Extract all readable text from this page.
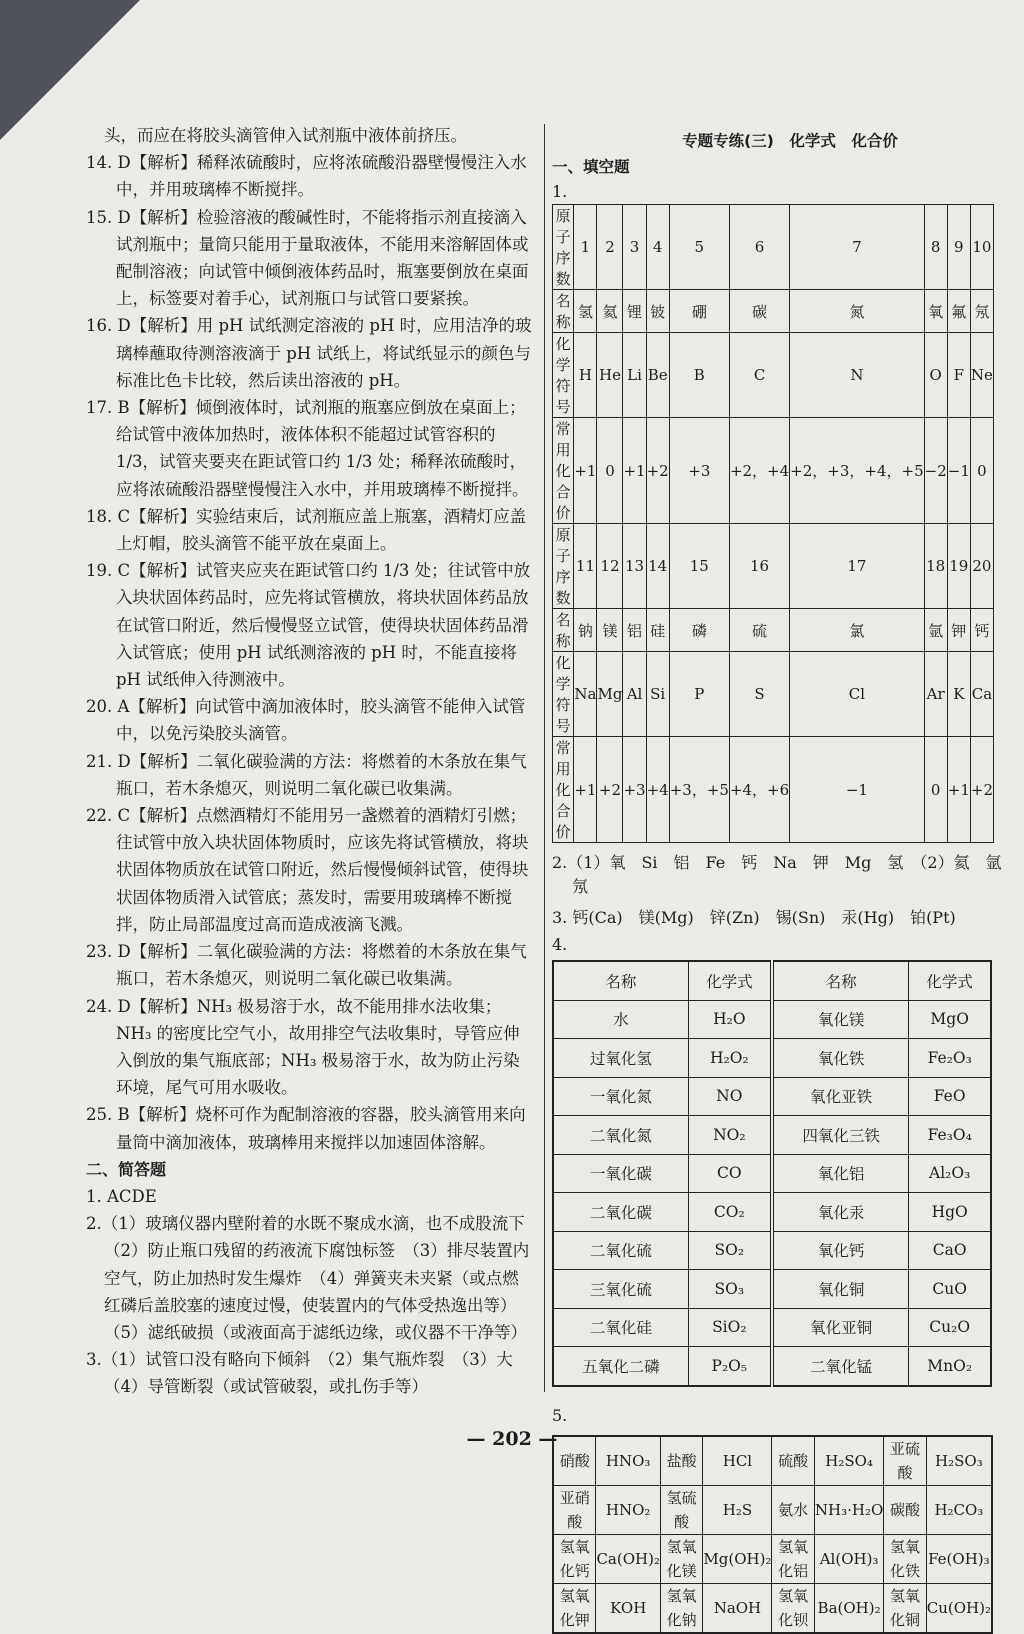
头，而应在将胶头滴管伸入试剂瓶中液体前挤压。

14. D【解析】稀释浓硫酸时，应将浓硫酸沿器壁慢慢注入水中，并用玻璃棒不断搅拌。

15. D【解析】检验溶液的酸碱性时，不能将指示剂直接滴入试剂瓶中；量筒只能用于量取液体，不能用来溶解固体或配制溶液；向试管中倾倒液体药品时，瓶塞要倒放在桌面上，标签要对着手心，试剂瓶口与试管口要紧挨。

16. D【解析】用 pH 试纸测定溶液的 pH 时，应用洁净的玻璃棒蘸取待测溶液滴于 pH 试纸上，将试纸显示的颜色与标准比色卡比较，然后读出溶液的 pH。

17. B【解析】倾倒液体时，试剂瓶的瓶塞应倒放在桌面上；给试管中液体加热时，液体体积不能超过试管容积的 1/3，试管夹要夹在距试管口约 1/3 处；稀释浓硫酸时，应将浓硫酸沿器壁慢慢注入水中，并用玻璃棒不断搅拌。

18. C【解析】实验结束后，试剂瓶应盖上瓶塞，酒精灯应盖上灯帽，胶头滴管不能平放在桌面上。

19. C【解析】试管夹应夹在距试管口约 1/3 处；往试管中放入块状固体药品时，应先将试管横放，将块状固体药品放在试管口附近，然后慢慢竖立试管，使得块状固体药品滑入试管底；使用 pH 试纸测溶液的 pH 时，不能直接将 pH 试纸伸入待测液中。

20. A【解析】向试管中滴加液体时，胶头滴管不能伸入试管中，以免污染胶头滴管。

21. D【解析】二氧化碳验满的方法：将燃着的木条放在集气瓶口，若木条熄灭，则说明二氧化碳已收集满。

22. C【解析】点燃酒精灯不能用另一盏燃着的酒精灯引燃；往试管中放入块状固体物质时，应该先将试管横放，将块状固体物质放在试管口附近，然后慢慢倾斜试管，使得块状固体物质滑入试管底；蒸发时，需要用玻璃棒不断搅拌，防止局部温度过高而造成液滴飞溅。

23. D【解析】二氧化碳验满的方法：将燃着的木条放在集气瓶口，若木条熄灭，则说明二氧化碳已收集满。

24. D【解析】NH₃ 极易溶于水，故不能用排水法收集；NH₃ 的密度比空气小，故用排空气法收集时，导管应伸入倒放的集气瓶底部；NH₃ 极易溶于水，故为防止污染环境，尾气可用水吸收。

25. B【解析】烧杯可作为配制溶液的容器，胶头滴管用来向量筒中滴加液体，玻璃棒用来搅拌以加速固体溶解。

二、简答题

1. ACDE

2.（1）玻璃仪器内壁附着的水既不聚成水滴，也不成股流下　（2）防止瓶口残留的药液流下腐蚀标签　（3）排尽装置内空气，防止加热时发生爆炸　（4）弹簧夹未夹紧（或点燃红磷后盖胶塞的速度过慢，使装置内的气体受热逸出等）　（5）滤纸破损（或液面高于滤纸边缘，或仪器不干净等）

3.（1）试管口没有略向下倾斜　（2）集气瓶炸裂　（3）大　（4）导管断裂（或试管破裂，或扎伤手等）

专题专练(三)　化学式　化合价
一、填空题
1.
原子序数	1	2	3	4	5	6	7	8	9	10
名称	氢	氦	锂	铍	硼	碳	氮	氧	氟	氖
化学符号	H	He	Li	Be	B	C	N	O	F	Ne
常用化合价	+1	0	+1	+2	+3	+2，+4	+2，+3，+4，+5	−2	−1	0
原子序数	11	12	13	14	15	16	17	18	19	20
名称	钠	镁	铝	硅	磷	硫	氯	氩	钾	钙
化学符号	Na	Mg	Al	Si	P	S	Cl	Ar	K	Ca
常用化合价	+1	+2	+3	+4	+3，+5	+4，+6	−1	0	+1	+2
2.（1）氧　Si　铝　Fe　钙　Na　钾　Mg　氢　（2）氦　氩
氖
3. 钙(Ca)　镁(Mg)　锌(Zn)　锡(Sn)　汞(Hg)　铂(Pt)
4.
名称	化学式	名称	化学式
水	H₂O	氧化镁	MgO
过氧化氢	H₂O₂	氧化铁	Fe₂O₃
一氧化氮	NO	氧化亚铁	FeO
二氧化氮	NO₂	四氧化三铁	Fe₃O₄
一氧化碳	CO	氧化铝	Al₂O₃
二氧化碳	CO₂	氧化汞	HgO
二氧化硫	SO₂	氧化钙	CaO
三氧化硫	SO₃	氧化铜	CuO
二氧化硅	SiO₂	氧化亚铜	Cu₂O
五氧化二磷	P₂O₅	二氧化锰	MnO₂
5.
硝酸	HNO₃	盐酸	HCl	硫酸	H₂SO₄	亚硫酸	H₂SO₃
亚硝酸	HNO₂	氢硫酸	H₂S	氨水	NH₃·H₂O	碳酸	H₂CO₃
氢氧化钙	Ca(OH)₂	氢氧化镁	Mg(OH)₂	氢氧化铝	Al(OH)₃	氢氧化铁	Fe(OH)₃
氢氧化钾	KOH	氢氧化钠	NaOH	氢氧化钡	Ba(OH)₂	氢氧化铜	Cu(OH)₂
— 202 —
